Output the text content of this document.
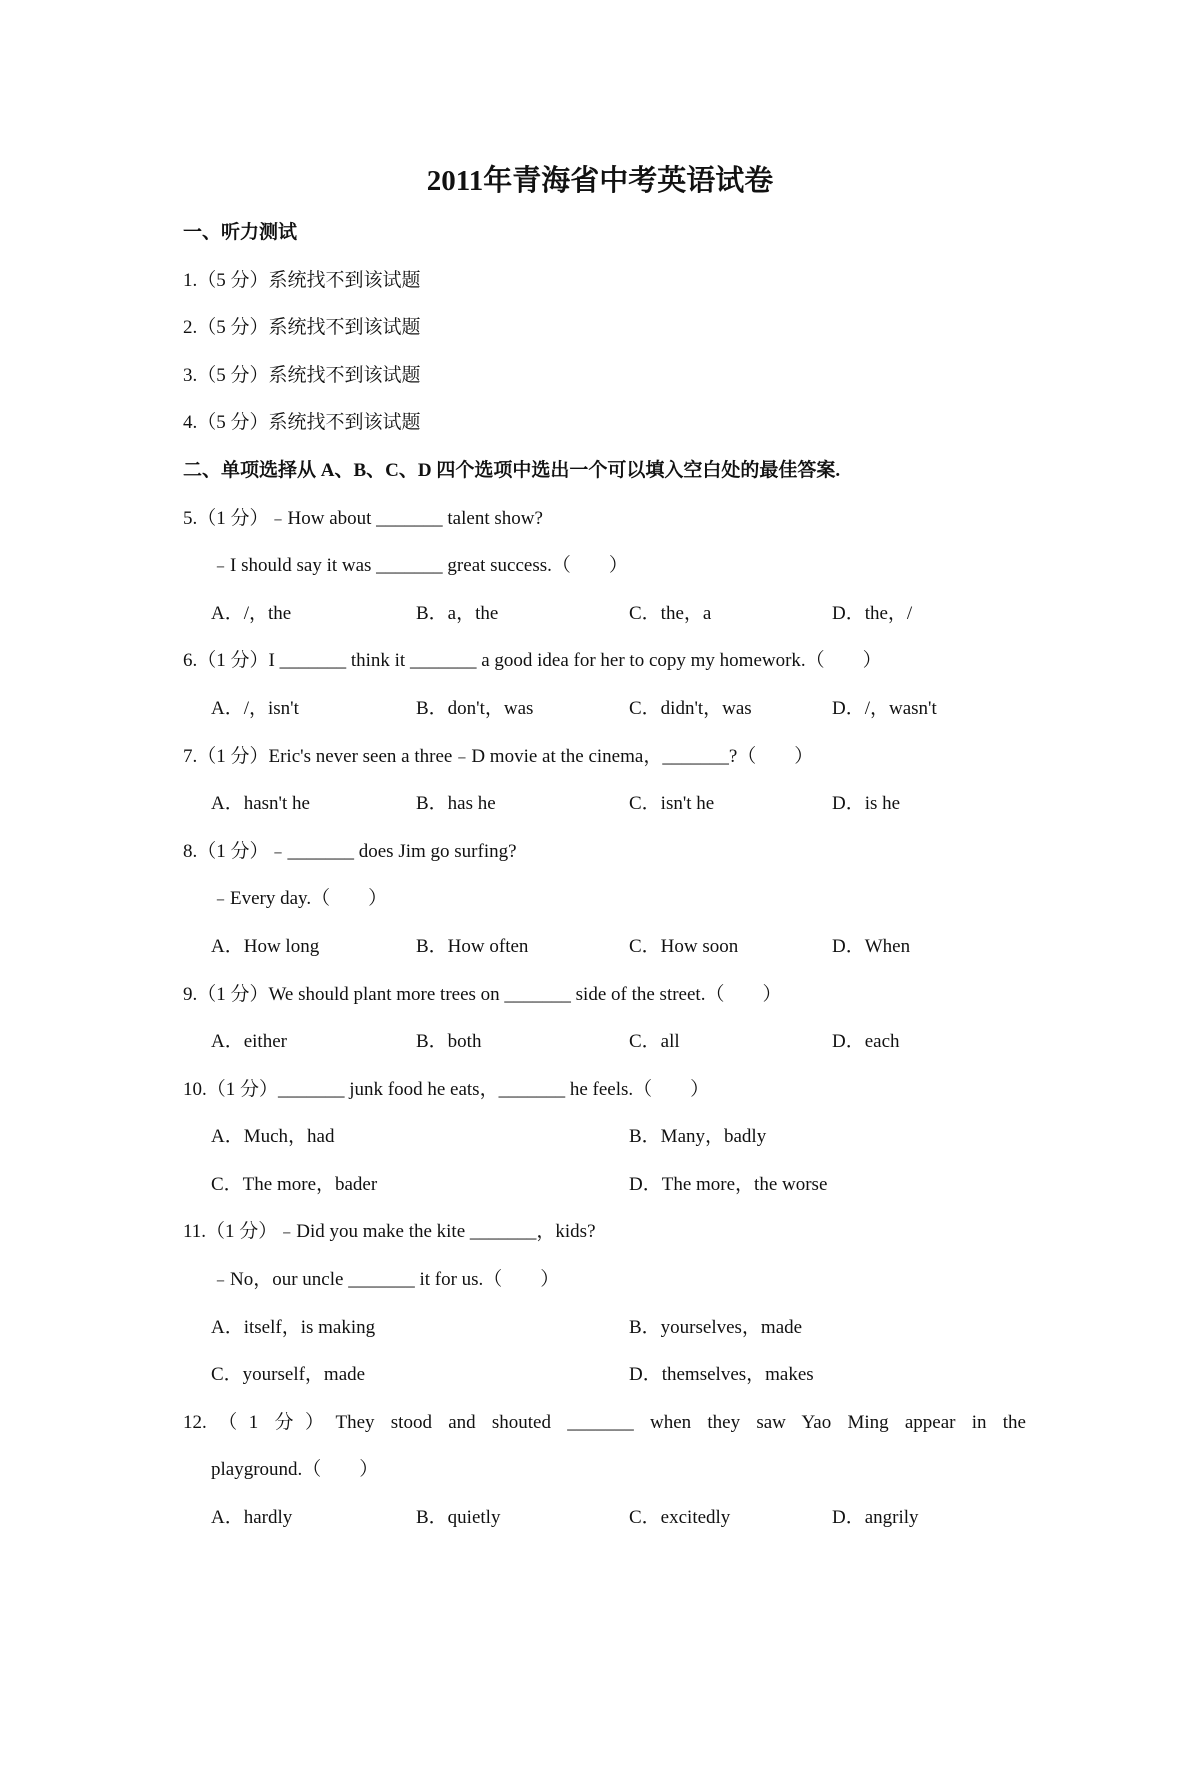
2011年青海省中考英语试卷
一、听力测试
1.（5 分）系统找不到该试题
2.（5 分）系统找不到该试题
3.（5 分）系统找不到该试题
4.（5 分）系统找不到该试题
二、单项选择从 A、B、C、D 四个选项中选出一个可以填入空白处的最佳答案.
5.（1 分）﹣How about _______ talent show?
﹣I should say it was _______ great success.（　　）

A．/，the

	B．a，the

	C．the，a

	D．the，/

6.（1 分）I _______ think it _______ a good idea for her to copy my homework.（　　）

A．/，isn't

	B．don't，was

	C．didn't，was

	D．/，wasn't

7.（1 分）Eric's never seen a three﹣D movie at the cinema，_______?（　　）

A．hasn't he

	B．has he

	C．isn't he

	D．is he

8.（1 分）﹣_______ does Jim go surfing?
﹣Every day.（　　）

A．How long

	B．How often

	C．How soon

	D．When

9.（1 分）We should plant more trees on _______ side of the street.（　　）

A．either

	B．both

	C．all

	D．each

10.（1 分）_______ junk food he eats，_______ he feels.（　　）

A．Much，had

	B．Many，badly

C．The more，bader

	D．The more，the worse

11.（1 分）﹣Did you make the kite _______，kids?
﹣No，our uncle _______ it for us.（　　）

A．itself，is making

	B．yourselves，made

C．yourself，made

	D．themselves，makes

12.（1 分）They stood and shouted _______ when they saw Yao Ming appear in the
playground.（　　）

A．hardly

	B．quietly

	C．excitedly

	D．angrily
